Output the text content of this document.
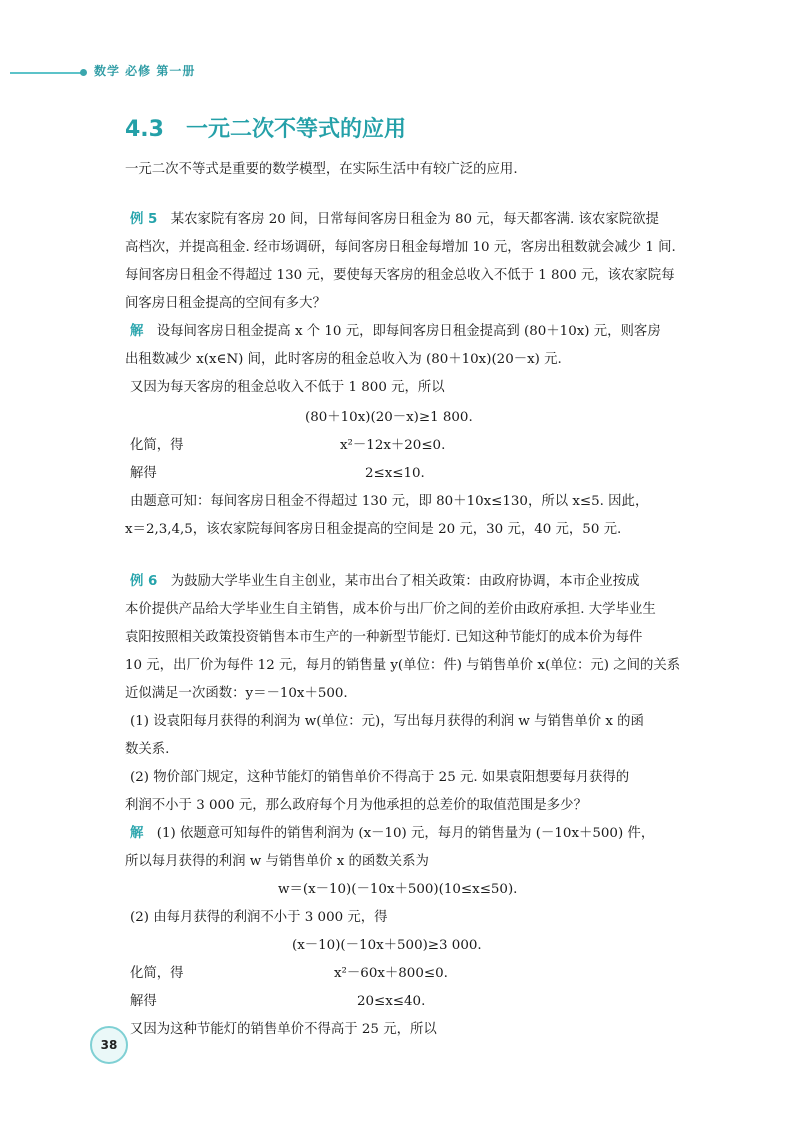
数学 必修 第一册
4.3 一元二次不等式的应用
一元二次不等式是重要的数学模型，在实际生活中有较广泛的应用.
例 5　 某农家院有客房 20 间，日常每间客房日租金为 80 元，每天都客满. 该农家院欲提
高档次，并提高租金. 经市场调研，每间客房日租金每增加 10 元，客房出租数就会减少 1 间.
每间客房日租金不得超过 130 元，要使每天客房的租金总收入不低于 1 800 元，该农家院每
间客房日租金提高的空间有多大？
解　 设每间客房日租金提高 x 个 10 元，即每间客房日租金提高到 (80＋10x) 元，则客房
出租数减少 x(x∈N) 间，此时客房的租金总收入为 (80＋10x)(20－x) 元.
又因为每天客房的租金总收入不低于 1 800 元，所以
(80＋10x)(20－x)≥1 800.
化简，得	x²－12x＋20≤0.
解得	2≤x≤10.
由题意可知：每间客房日租金不得超过 130 元，即 80＋10x≤130，所以 x≤5. 因此，
x＝2,3,4,5，该农家院每间客房日租金提高的空间是 20 元，30 元，40 元，50 元.
例 6　 为鼓励大学毕业生自主创业，某市出台了相关政策：由政府协调，本市企业按成
本价提供产品给大学毕业生自主销售，成本价与出厂价之间的差价由政府承担. 大学毕业生
袁阳按照相关政策投资销售本市生产的一种新型节能灯. 已知这种节能灯的成本价为每件
10 元，出厂价为每件 12 元，每月的销售量 y(单位：件) 与销售单价 x(单位：元) 之间的关系
近似满足一次函数：y＝－10x＋500.
(1) 设袁阳每月获得的利润为 w(单位：元)，写出每月获得的利润 w 与销售单价 x 的函
数关系.
(2) 物价部门规定，这种节能灯的销售单价不得高于 25 元. 如果袁阳想要每月获得的
利润不小于 3 000 元，那么政府每个月为他承担的总差价的取值范围是多少？
解　 (1) 依题意可知每件的销售利润为 (x－10) 元，每月的销售量为 (－10x＋500) 件，
所以每月获得的利润 w 与销售单价 x 的函数关系为
w＝(x－10)(－10x＋500)(10≤x≤50).
(2) 由每月获得的利润不小于 3 000 元，得
(x－10)(－10x＋500)≥3 000.
化简，得	x²－60x＋800≤0.
解得	20≤x≤40.
又因为这种节能灯的销售单价不得高于 25 元，所以
38
